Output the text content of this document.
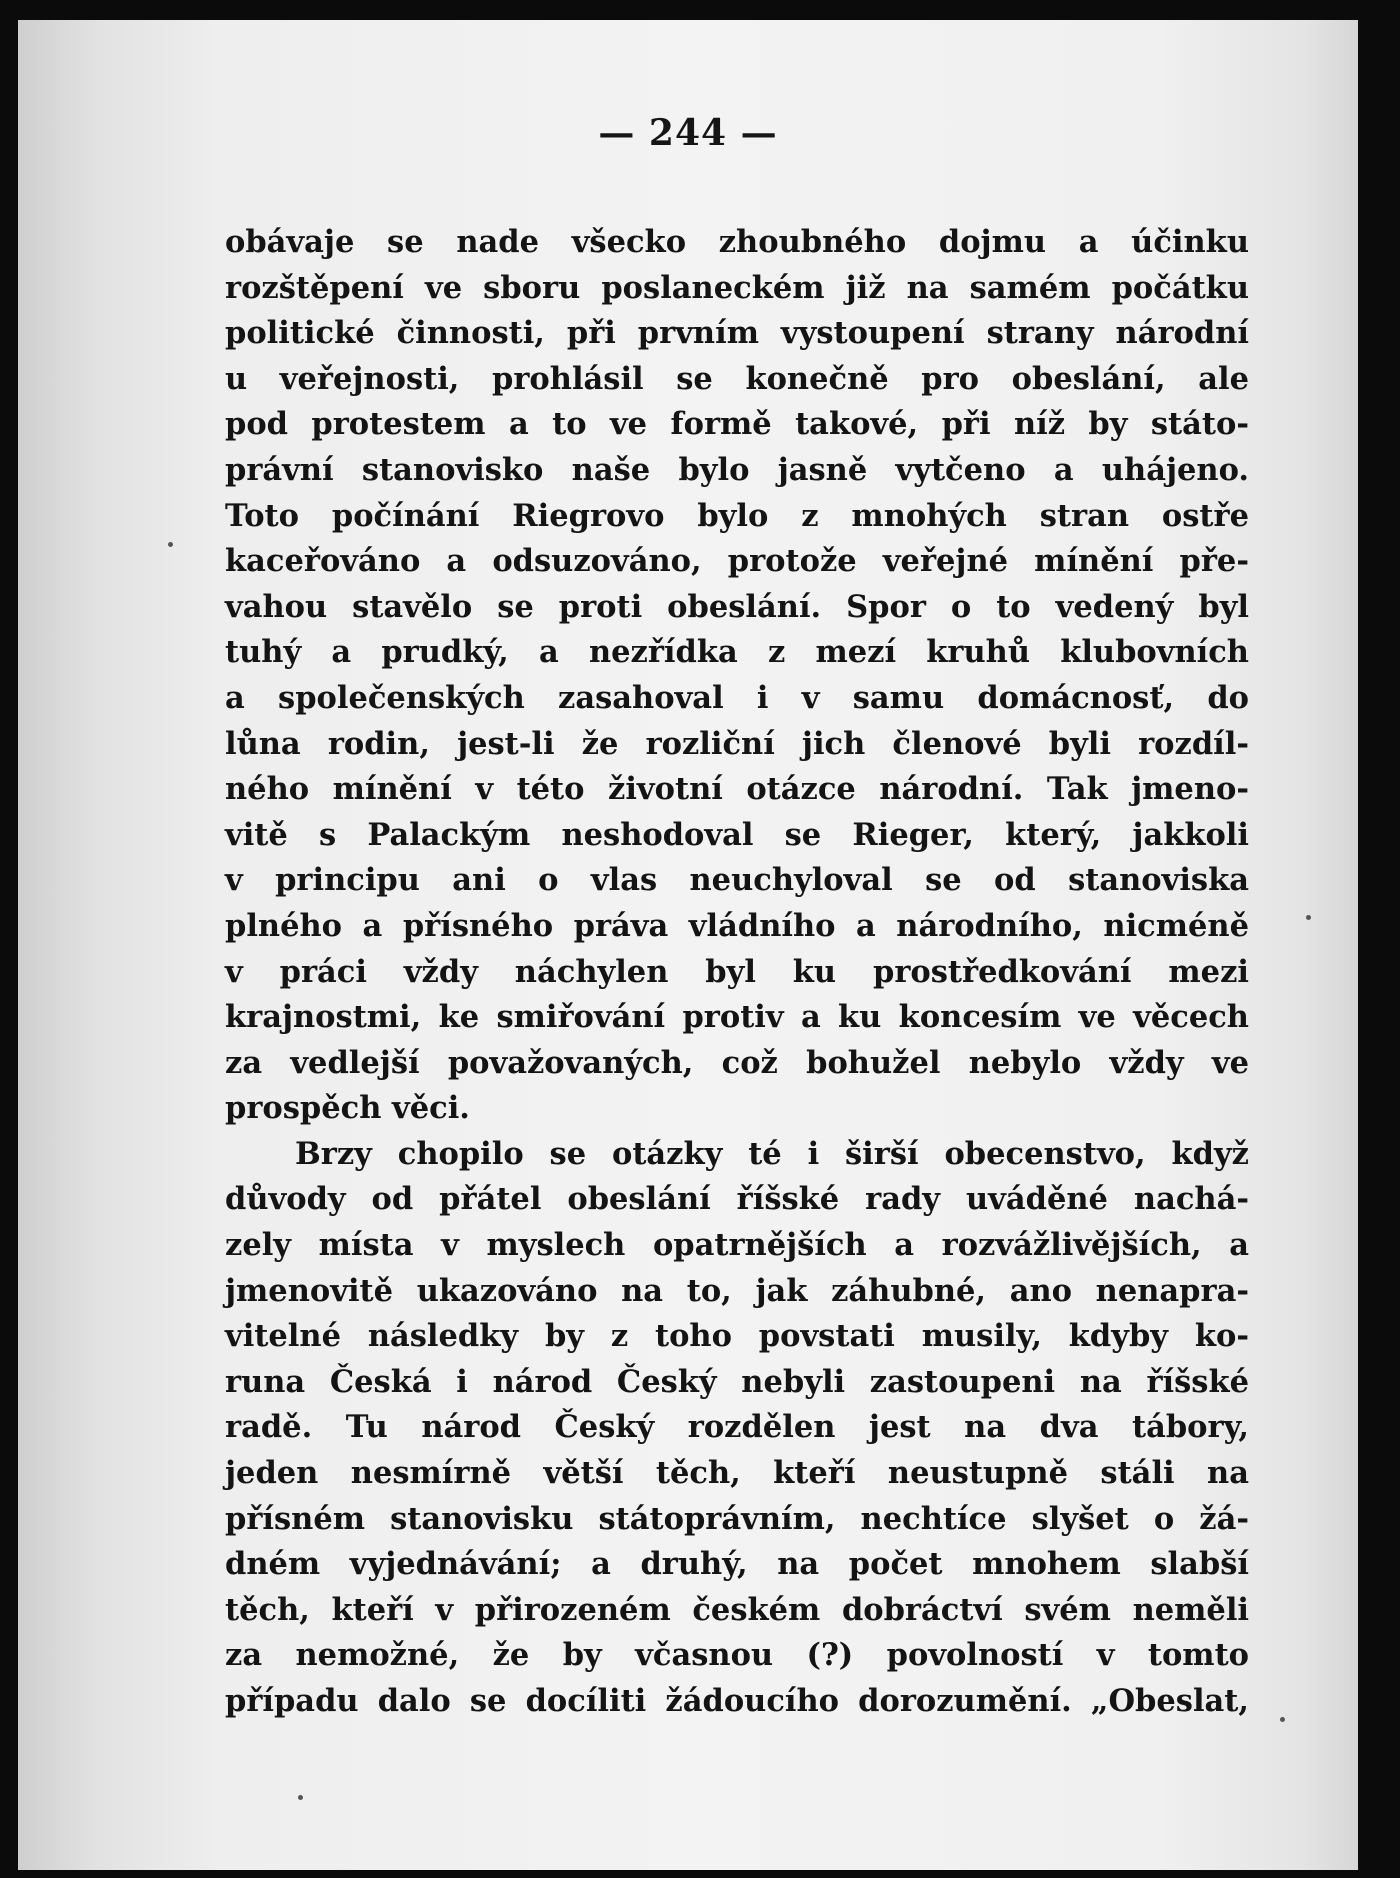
— 244 —
obávaje se nade všecko zhoubného dojmu a účinku
rozštěpení ve sboru poslaneckém již na samém počátku
politické činnosti, při prvním vystoupení strany národní
u veřejnosti, prohlásil se konečně pro obeslání, ale
pod protestem a to ve formě takové, při níž by státo-
právní stanovisko naše bylo jasně vytčeno a uhájeno.
Toto počínání Riegrovo bylo z mnohých stran ostře
kaceřováno a odsuzováno, protože veřejné mínění pře-
vahou stavělo se proti obeslání. Spor o to vedený byl
tuhý a prudký, a nezřídka z mezí kruhů klubovních
a společenských zasahoval i v samu domácnosť, do
lůna rodin, jest-li že rozliční jich členové byli rozdíl-
ného mínění v této životní otázce národní. Tak jmeno-
vitě s Palackým neshodoval se Rieger, který, jakkoli
v principu ani o vlas neuchyloval se od stanoviska
plného a přísného práva vládního a národního, nicméně
v práci vždy náchylen byl ku prostředkování mezi
krajnostmi, ke smiřování protiv a ku koncesím ve věcech
za vedlejší považovaných, což bohužel nebylo vždy ve
prospěch věci.
Brzy chopilo se otázky té i širší obecenstvo, když
důvody od přátel obeslání říšské rady uváděné nachá-
zely místa v myslech opatrnějších a rozvážlivějších, a
jmenovitě ukazováno na to, jak záhubné, ano nenapra-
vitelné následky by z toho povstati musily, kdyby ko-
runa Česká i národ Český nebyli zastoupeni na říšské
radě. Tu národ Český rozdělen jest na dva tábory,
jeden nesmírně větší těch, kteří neustupně stáli na
přísném stanovisku státoprávním, nechtíce slyšet o žá-
dném vyjednávání; a druhý, na počet mnohem slabší
těch, kteří v přirozeném českém dobráctví svém neměli
za nemožné, že by včasnou (?) povolností v tomto
případu dalo se docíliti žádoucího dorozumění. „Obeslat,
